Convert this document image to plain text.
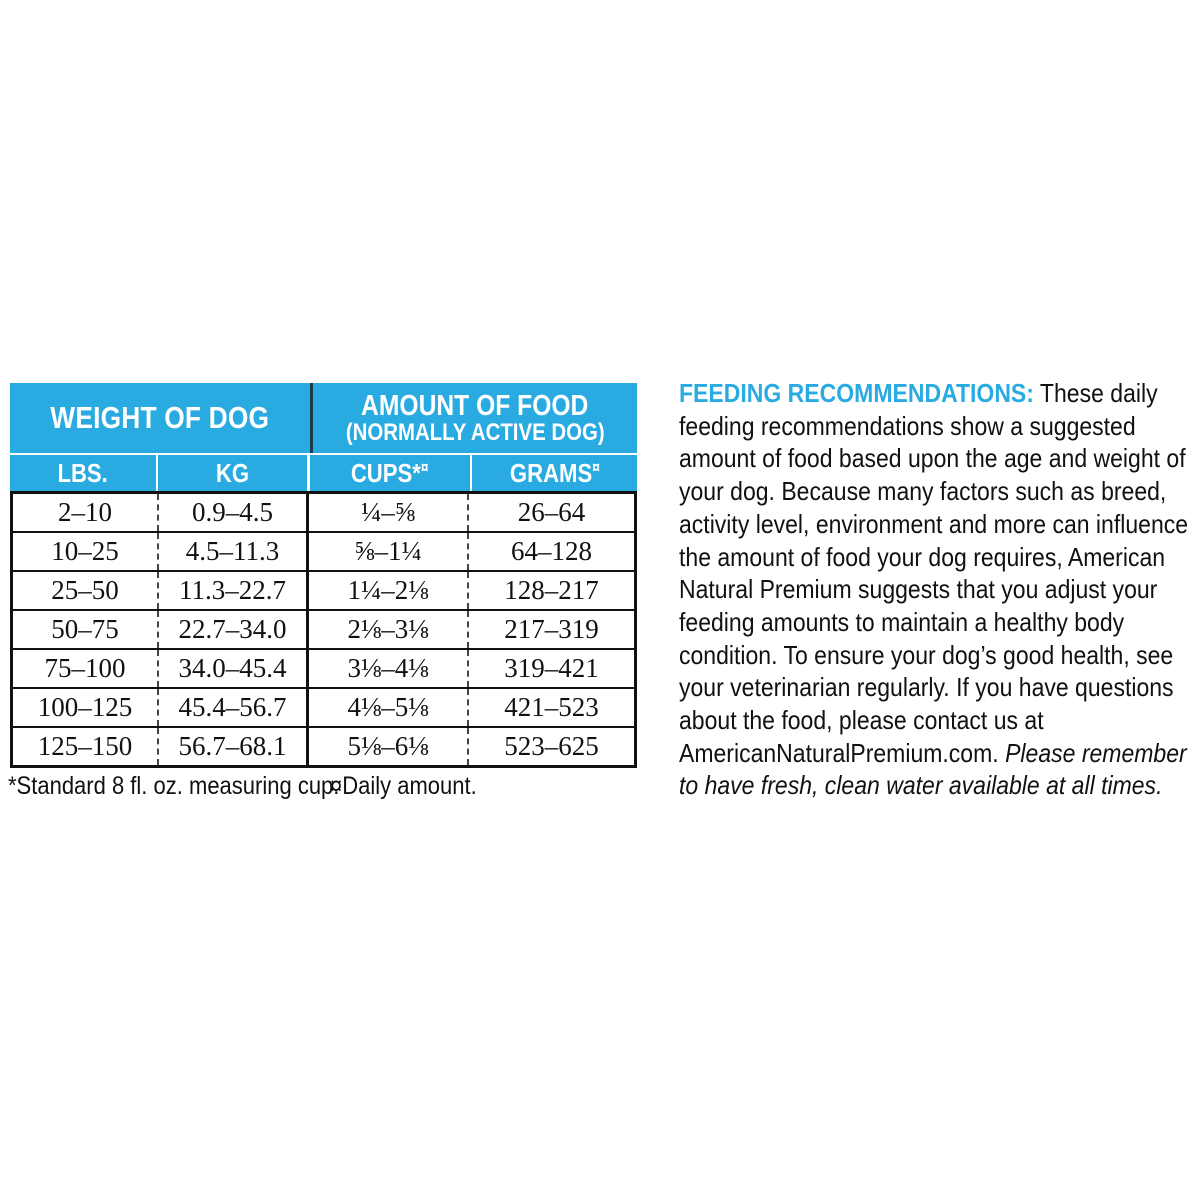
WEIGHT OF DOG	AMOUNT OF FOOD
(NORMALLY ACTIVE DOG)
LBS.	KG	CUPS*¤	GRAMS¤
2–10	0.9–4.5	¼–⅝	26–64
10–25	4.5–11.3	⅝–1¼	64–128
25–50	11.3–22.7	1¼–2⅛	128–217
50–75	22.7–34.0	2⅛–3⅛	217–319
75–100	34.0–45.4	3⅛–4⅛	319–421
100–125	45.4–56.7	4⅛–5⅛	421–523
125–150	56.7–68.1	5⅛–6⅛	523–625
*Standard 8 fl. oz. measuring cup.
¤Daily amount.
FEEDING RECOMMENDATIONS: These daily feeding recommendations show a suggested amount of food based upon the age and weight of your dog. Because many factors such as breed, activity level, environment and more can influence the amount of food your dog requires, American Natural Premium suggests that you adjust your feeding amounts to maintain a healthy body condition. To ensure your dog’s good health, see your veterinarian regularly. If you have questions about the food, please contact us at AmericanNaturalPremium.com. Please remember to have fresh, clean water available at all times.
